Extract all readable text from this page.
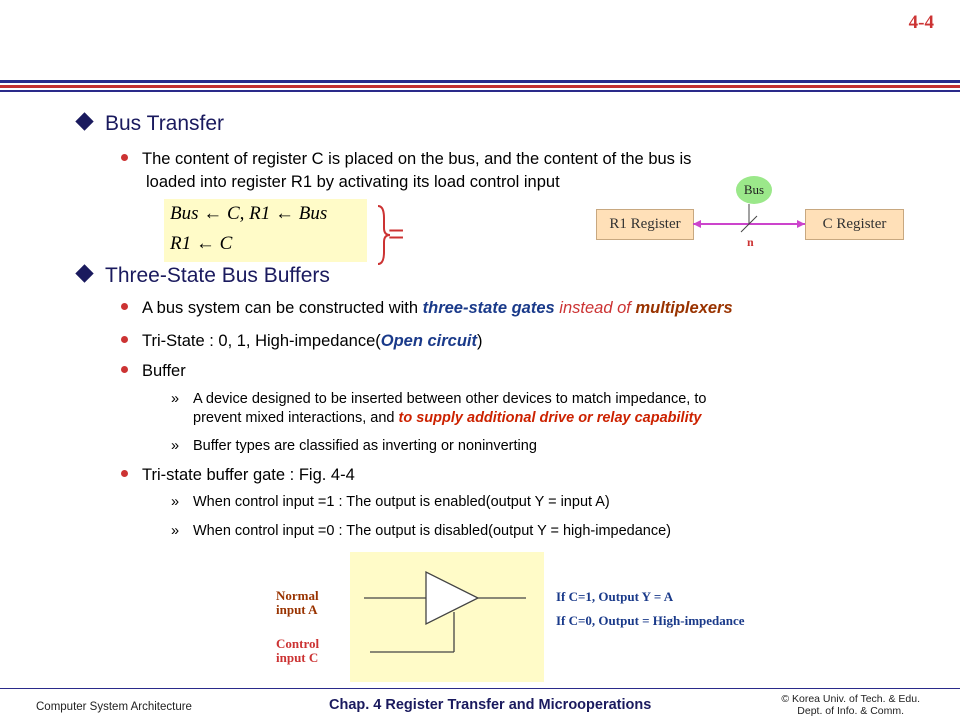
4-4
Bus Transfer
The content of register C is placed on the bus, and the content of the bus is
loaded into register R1 by activating its load control input
Bus ← C, R1 ← Bus
R1 ← C	=	R1 Register	C Register
Bus
n
Three-State Bus Buffers
A bus system can be constructed with three-state gates instead of multiplexers
Tri-State : 0, 1, High-impedance(Open circuit)
Buffer
» A device designed to be inserted between other devices to match impedance, to
prevent mixed interactions, and to supply additional drive or relay capability
» Buffer types are classified as inverting or noninverting
Tri-state buffer gate : Fig. 4-4
» When control input =1 : The output is enabled(output Y = input A)
» When control input =0 : The output is disabled(output Y = high-impedance)
Normal
input A
Control
input C
If C=1, Output Y = A
If C=0, Output = High-impedance
Computer System Architecture	Chap. 4 Register Transfer and Microoperations	© Korea Univ. of Tech. & Edu.
Dept. of Info. & Comm.
